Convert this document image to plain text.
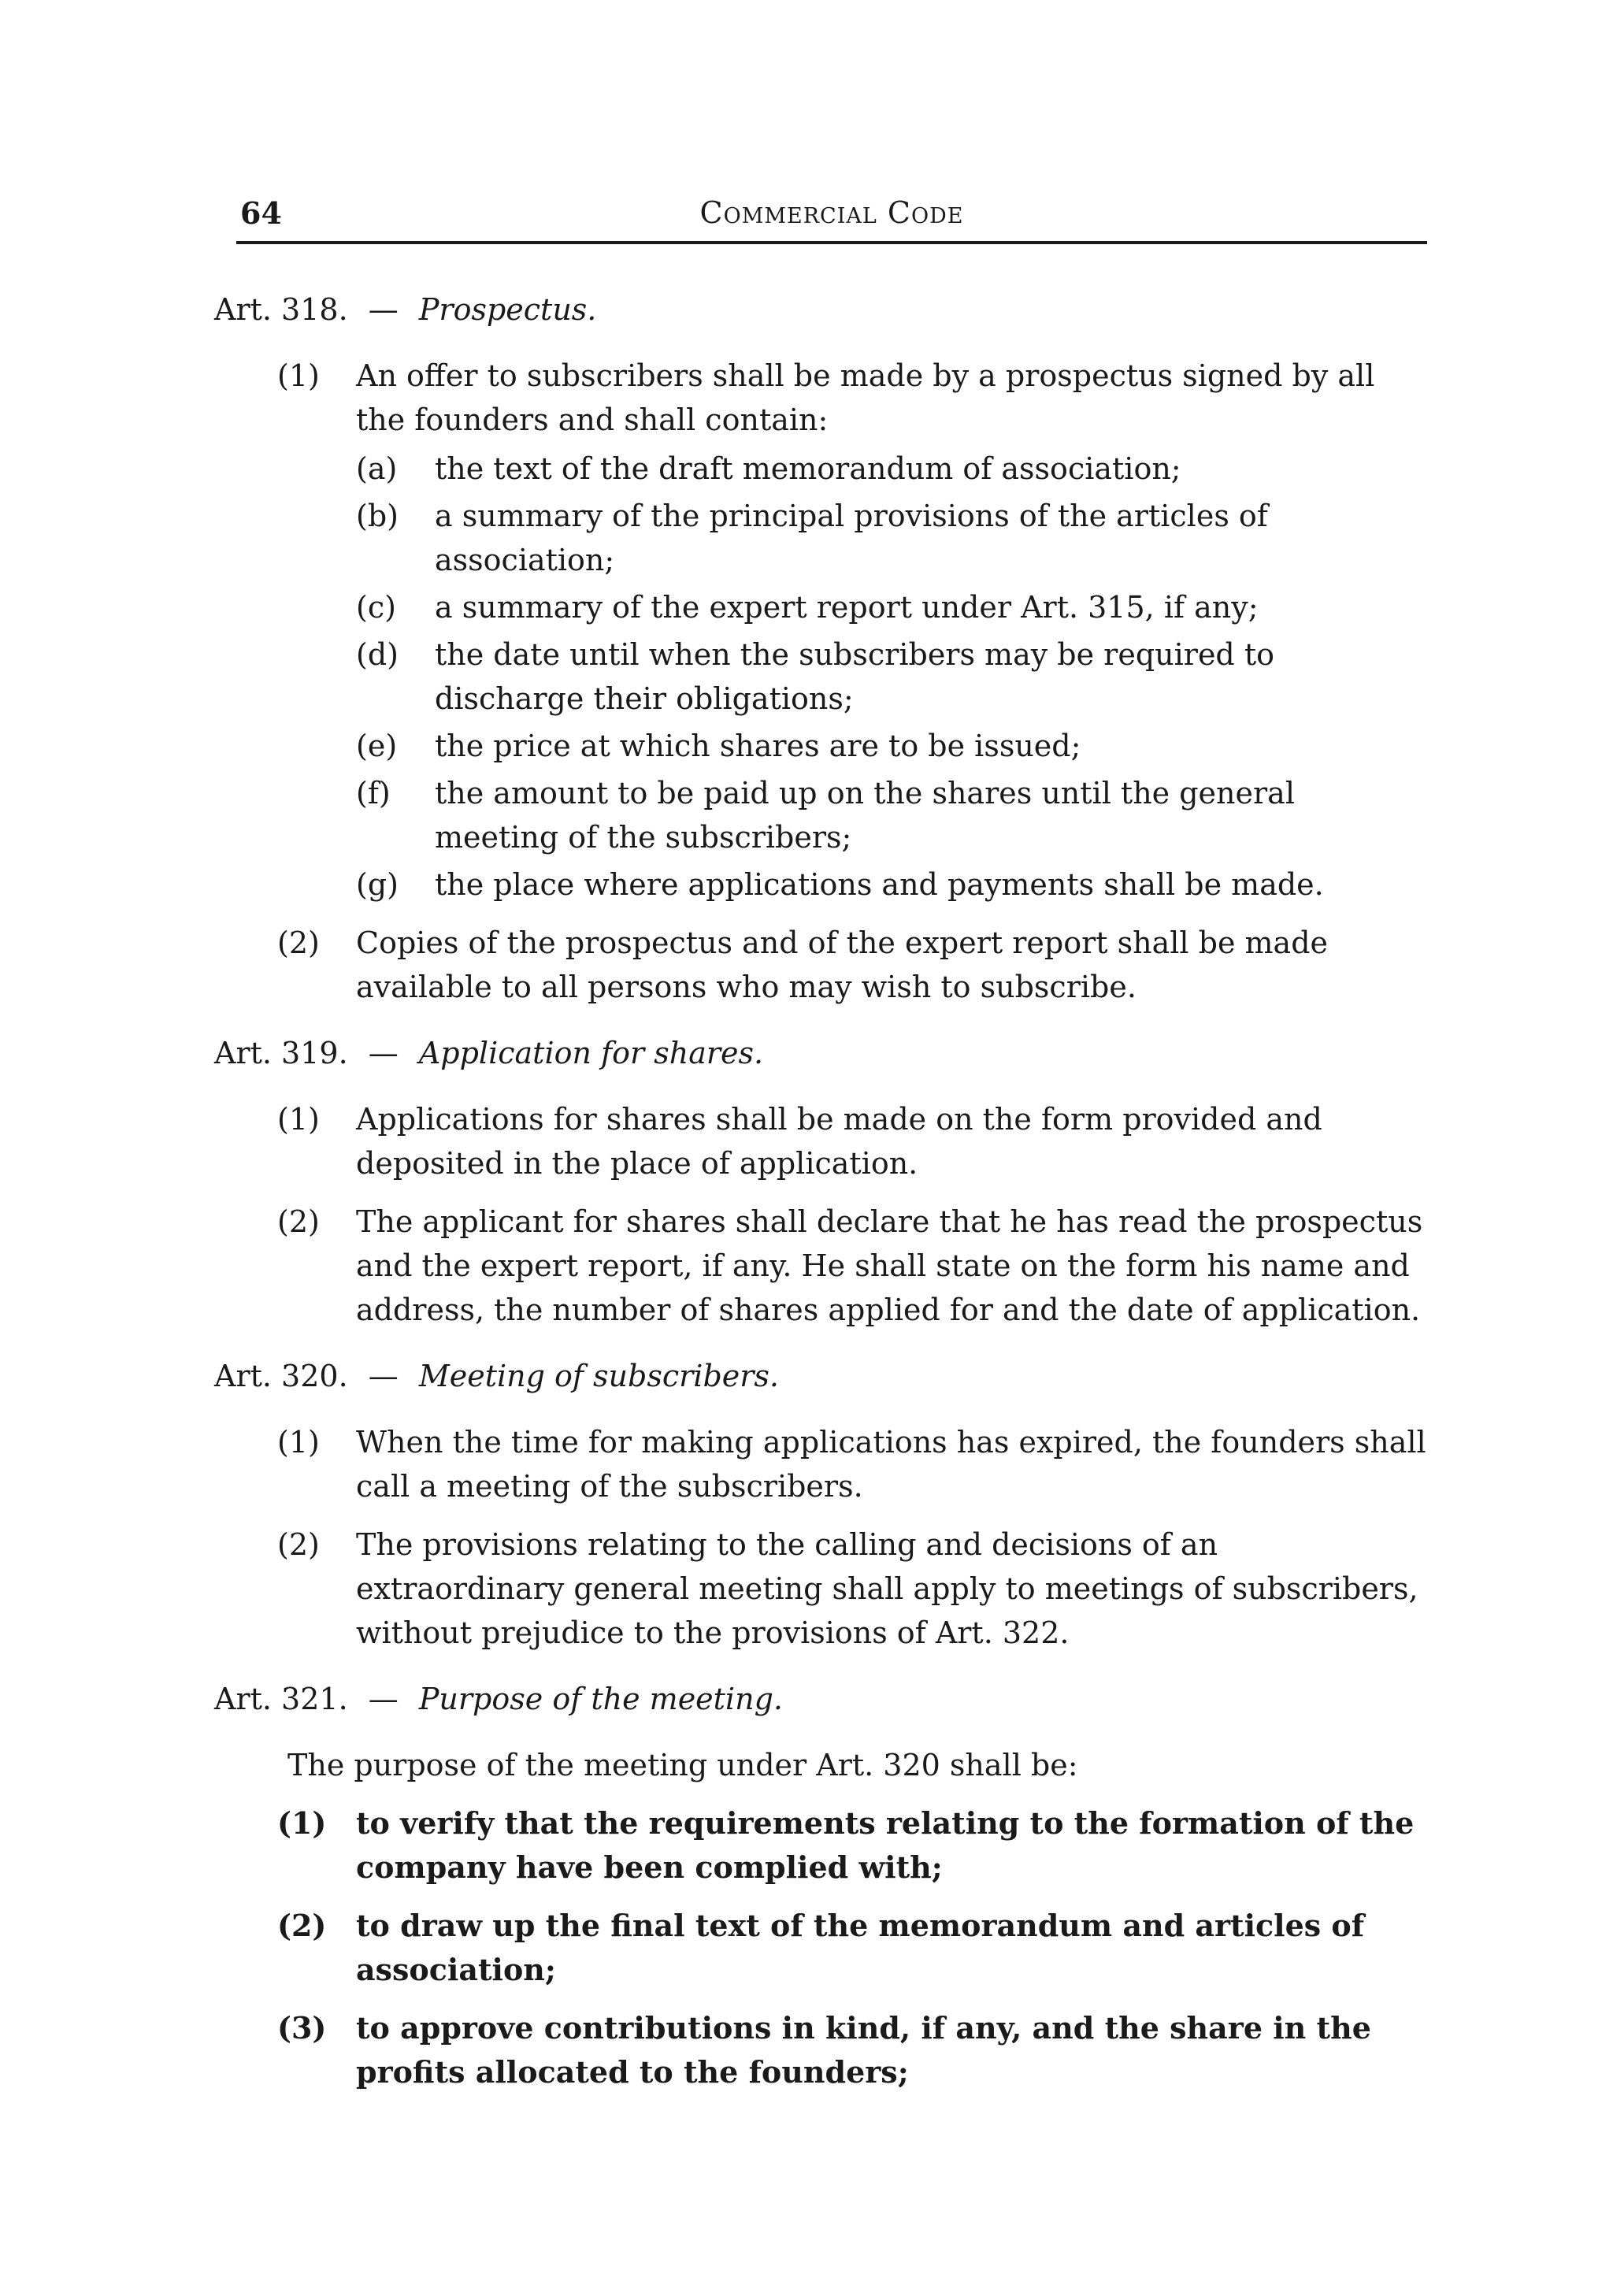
64	Commercial Code
Art. 318. — Prospectus.
(1) An offer to subscribers shall be made by a prospectus signed by all the founders and shall contain:
(a) the text of the draft memorandum of association;
(b) a summary of the principal provisions of the articles of association;
(c) a summary of the expert report under Art. 315, if any;
(d) the date until when the subscribers may be required to discharge their obligations;
(e) the price at which shares are to be issued;
(f) the amount to be paid up on the shares until the general meeting of the subscribers;
(g) the place where applications and payments shall be made.
(2) Copies of the prospectus and of the expert report shall be made available to all persons who may wish to subscribe.
Art. 319. — Application for shares.
(1) Applications for shares shall be made on the form provided and deposited in the place of application.
(2) The applicant for shares shall declare that he has read the prospectus and the expert report, if any. He shall state on the form his name and address, the number of shares applied for and the date of application.
Art. 320. — Meeting of subscribers.
(1) When the time for making applications has expired, the founders shall call a meeting of the subscribers.
(2) The provisions relating to the calling and decisions of an extraordinary general meeting shall apply to meetings of subscribers, without prejudice to the provisions of Art. 322.
Art. 321. — Purpose of the meeting.
The purpose of the meeting under Art. 320 shall be:
(1) to verify that the requirements relating to the formation of the company have been complied with;
(2) to draw up the final text of the memorandum and articles of association;
(3) to approve contributions in kind, if any, and the share in the profits allocated to the founders;
